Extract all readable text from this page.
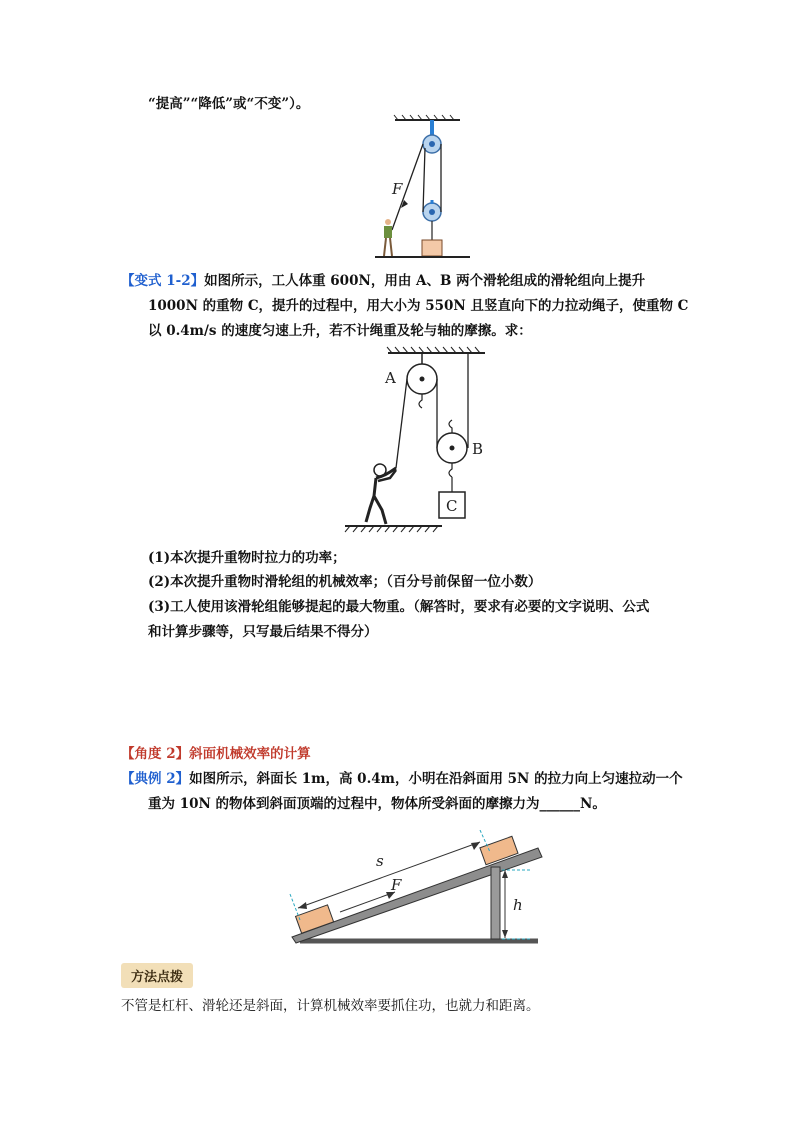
“提高”“降低”或“不变”）。
F
【变式 1-2】如图所示，工人体重 600N，用由 A、B 两个滑轮组成的滑轮组向上提升
1000N 的重物 C，提升的过程中，用大小为 550N 且竖直向下的力拉动绳子，使重物 C
以 0.4m/s 的速度匀速上升，若不计绳重及轮与轴的摩擦。求：
A
B
C
(1)本次提升重物时拉力的功率；
(2)本次提升重物时滑轮组的机械效率；（百分号前保留一位小数）
(3)工人使用该滑轮组能够提起的最大物重。（解答时，要求有必要的文字说明、公式
和计算步骤等，只写最后结果不得分）
【角度 2】斜面机械效率的计算
【典例 2】如图所示，斜面长 1m，高 0.4m，小明在沿斜面用 5N 的拉力向上匀速拉动一个
重为 10N 的物体到斜面顶端的过程中，物体所受斜面的摩擦力为______N。
s
F
h
方法点拨
不管是杠杆、滑轮还是斜面，计算机械效率要抓住功，也就力和距离。
